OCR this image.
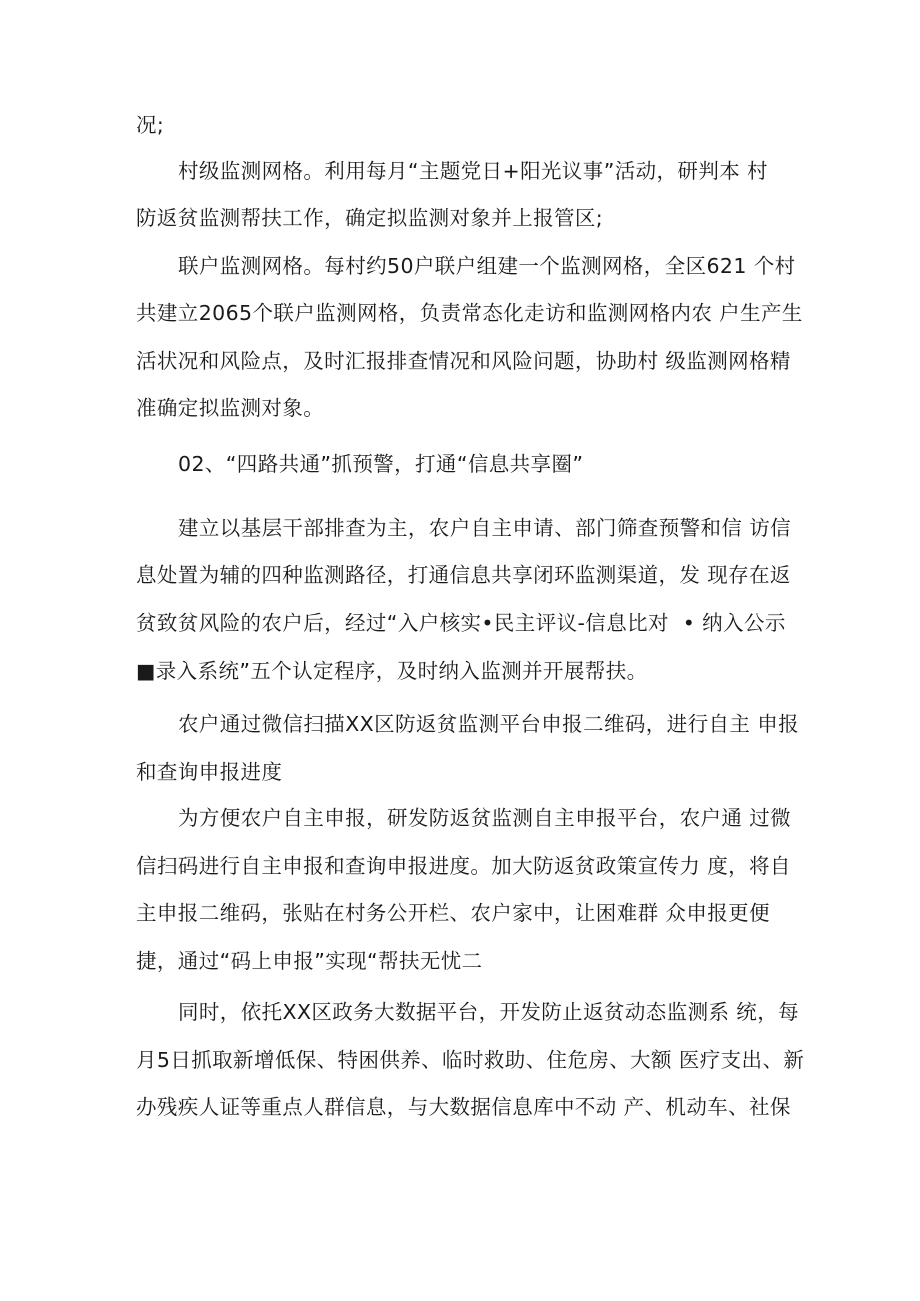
况;
村级监测网格。利用每月“主题党日+阳光议事”活动，研判本 村
防返贫监测帮扶工作，确定拟监测对象并上报管区;
联户监测网格。每村约50户联户组建一个监测网格，全区621 个村
共建立2065个联户监测网格，负责常态化走访和监测网格内农 户生产生
活状况和风险点，及时汇报排查情况和风险问题，协助村 级监测网格精
准确定拟监测对象。
02、“四路共通”抓预警，打通“信息共享圈”
建立以基层干部排查为主，农户自主申请、部门筛查预警和信 访信
息处置为辅的四种监测路径，打通信息共享闭环监测渠道，发 现存在返
贫致贫风险的农户后，经过“入户核实•民主评议-信息比对  • 纳入公示
■录入系统”五个认定程序，及时纳入监测并开展帮扶。
农户通过微信扫描XX区防返贫监测平台申报二维码，进行自主 申报
和查询申报进度
为方便农户自主申报，研发防返贫监测自主申报平台，农户通 过微
信扫码进行自主申报和查询申报进度。加大防返贫政策宣传力 度，将自
主申报二维码，张贴在村务公开栏、农户家中，让困难群 众申报更便
捷，通过“码上申报”实现“帮扶无忧二
同时，依托XX区政务大数据平台，开发防止返贫动态监测系 统，每
月5日抓取新增低保、特困供养、临时救助、住危房、大额 医疗支出、新
办残疾人证等重点人群信息，与大数据信息库中不动 产、机动车、社保
